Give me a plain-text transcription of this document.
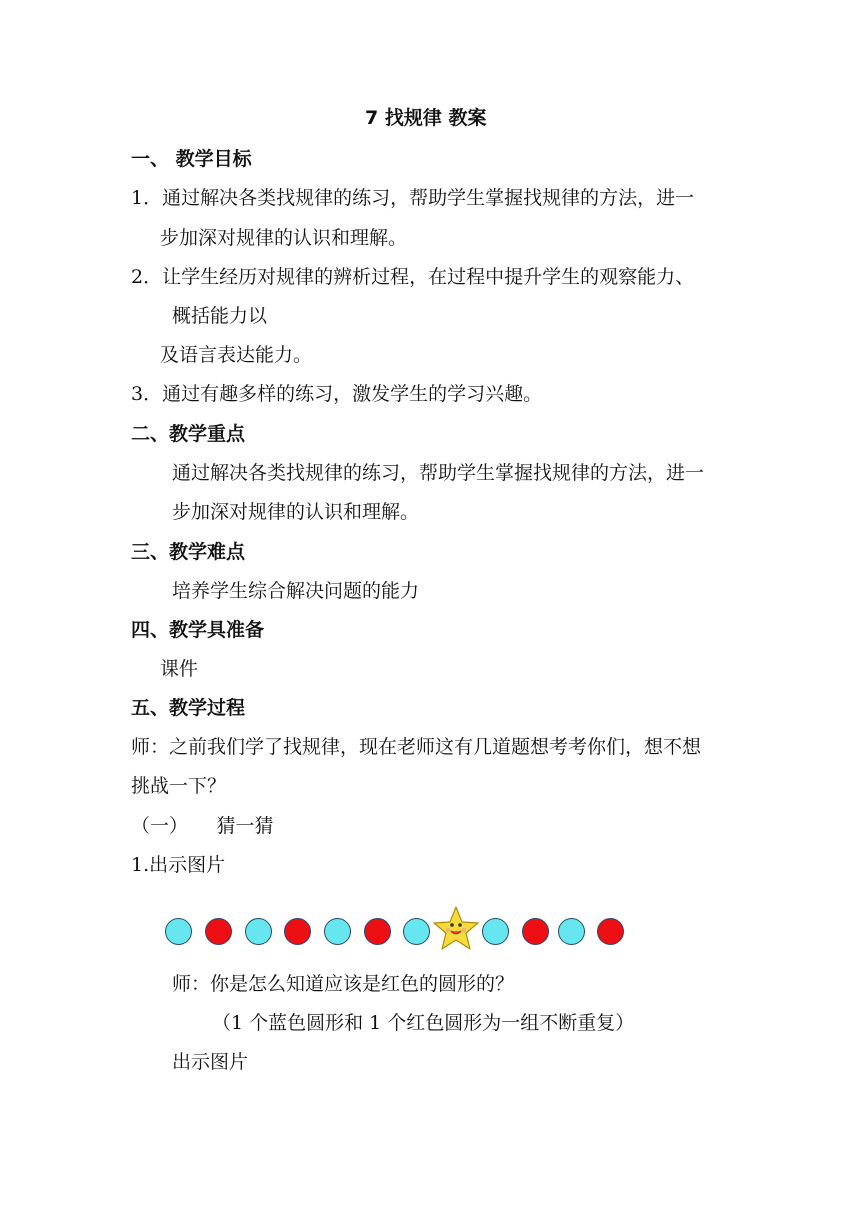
7 找规律 教案
一、 教学目标
1．通过解决各类找规律的练习，帮助学生掌握找规律的方法，进一
步加深对规律的认识和理解。
2．让学生经历对规律的辨析过程，在过程中提升学生的观察能力、
概括能力以
及语言表达能力。
3．通过有趣多样的练习，激发学生的学习兴趣。
二、教学重点
通过解决各类找规律的练习，帮助学生掌握找规律的方法，进一
步加深对规律的认识和理解。
三、教学难点
培养学生综合解决问题的能力
四、教学具准备
课件
五、教学过程
师：之前我们学了找规律，现在老师这有几道题想考考你们，想不想
挑战一下？
（一）　　猜一猜
1.出示图片
师：你是怎么知道应该是红色的圆形的？
（1 个蓝色圆形和 1 个红色圆形为一组不断重复）
出示图片
